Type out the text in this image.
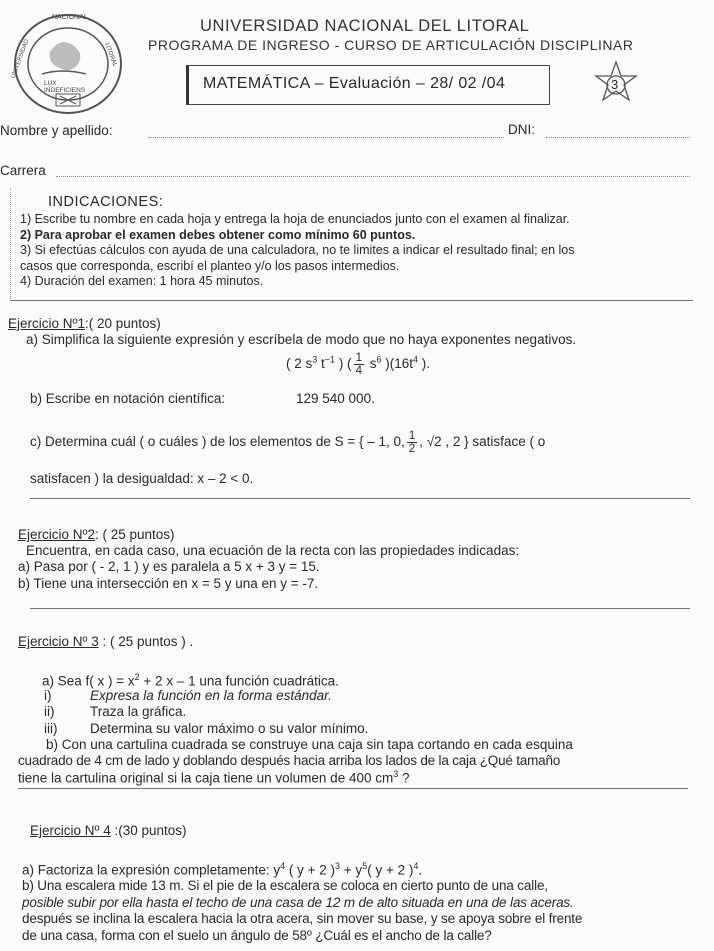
NACIONAL
UNIVERSIDAD	LITORAL
LUX INDEFICIENS
UNIVERSIDAD NACIONAL DEL LITORAL
PROGRAMA DE INGRESO - CURSO DE ARTICULACIÓN DISCIPLINAR
MATEMÁTICA – Evaluación – 28/ 02 /04	3
Nombre y apellido:	DNI:
Carrera
INDICACIONES:
1) Escribe tu nombre en cada hoja y entrega la hoja de enunciados junto con el examen al finalizar.
2) Para aprobar el examen debes obtener como mínimo 60 puntos.
3) Si efectúas cálculos con ayuda de una calculadora, no te limites a indicar el resultado final; en los
casos que corresponda, escribí el planteo y/o los pasos intermedios.
4) Duración del examen: 1 hora 45 minutos.
Ejercicio Nº1:( 20 puntos)
a) Simplifica la siguiente expresión y escríbela de modo que no haya exponentes negativos.
( 2 $s^3$ $t^{-1}$ ) ( $\frac{1}{4} s^6$ )($16t^4$ ).
b) Escribe en notación científica:	129 540 000.
c) Determina cuál ( o cuáles ) de los elementos de S = { – 1, 0, $\frac{1}{2}$ , √2 , 2 } satisface ( o
satisfacen ) la desigualdad: x – 2 < 0.
Ejercicio Nº2: ( 25 puntos)
Encuentra, en cada caso, una ecuación de la recta con las propiedades indicadas:
a) Pasa por ( - 2, 1 ) y es paralela a 5 x + 3 y = 15.
b) Tiene una intersección en x = 5 y una en y = -7.
Ejercicio Nº 3 : ( 25 puntos ) .
a) Sea f( x ) = $x^2 + 2$ x – 1 una función cuadrática.
i)	Expresa la función en la forma estándar.
ii)	Traza la gráfica.
iii) Determina su valor máximo o su valor mínimo.
b) Con una cartulina cuadrada se construye una caja sin tapa cortando en cada esquina
cuadrado de 4 cm de lado y doblando después hacia arriba los lados de la caja ¿Qué tamaño
tiene la cartulina original si la caja tiene un volumen de 400 $cm^3$ ?
Ejercicio Nº 4 :(30 puntos)
a) Factoriza la expresión completamente: $y^4$ ( y + 2 )$^3 + y^5$( y + 2 )$^4$.
b) Una escalera mide 13 m. Si el pie de la escalera se coloca en cierto punto de una calle,
posible subir por ella hasta el techo de una casa de 12 m de alto situada en una de las aceras.
después se inclina la escalera hacia la otra acera, sin mover su base, y se apoya sobre el frente
de una casa, forma con el suelo un ángulo de 58º ¿Cuál es el ancho de la calle?
